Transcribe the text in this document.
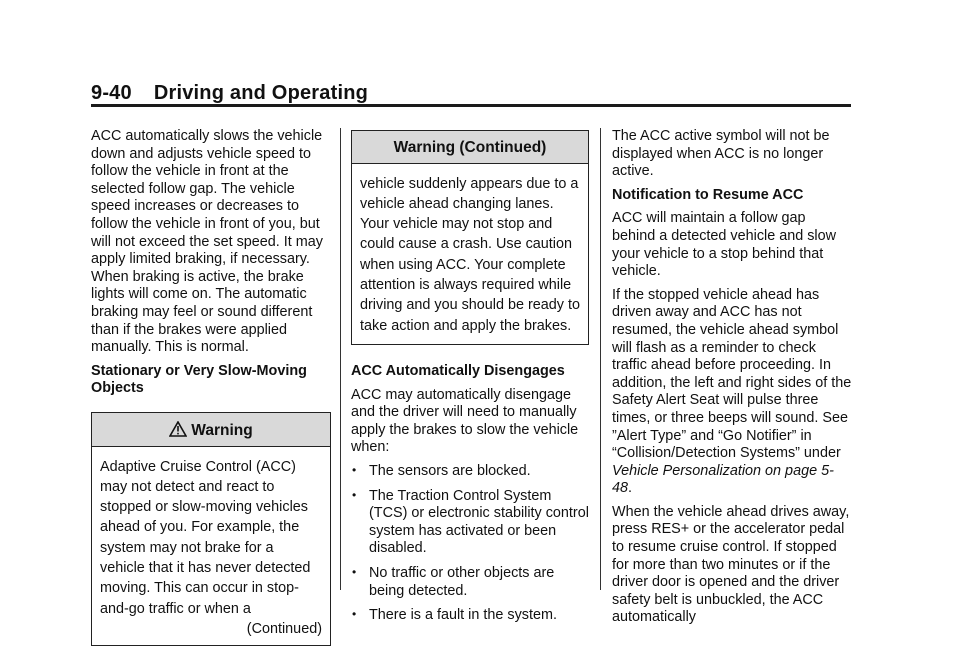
9-40 Driving and Operating

ACC automatically slows the vehicle down and adjusts vehicle speed to follow the vehicle in front at the selected follow gap. The vehicle speed increases or decreases to follow the vehicle in front of you, but will not exceed the set speed. It may apply limited braking, if necessary. When braking is active, the brake lights will come on. The automatic braking may feel or sound different than if the brakes were applied manually. This is normal.

Stationary or Very Slow-Moving Objects

Warning
Adaptive Cruise Control (ACC) may not detect and react to stopped or slow-moving vehicles ahead of you. For example, the system may not brake for a vehicle that it has never detected moving. This can occur in stop-and-go traffic or when a
(Continued)
Warning (Continued)
vehicle suddenly appears due to a vehicle ahead changing lanes. Your vehicle may not stop and could cause a crash. Use caution when using ACC. Your complete attention is always required while driving and you should be ready to take action and apply the brakes.

ACC Automatically Disengages

ACC may automatically disengage and the driver will need to manually apply the brakes to slow the vehicle when:

• The sensors are blocked.
• The Traction Control System (TCS) or electronic stability control system has activated or been disabled.
• No traffic or other objects are being detected.
• There is a fault in the system.

The ACC active symbol will not be displayed when ACC is no longer active.

Notification to Resume ACC

ACC will maintain a follow gap behind a detected vehicle and slow your vehicle to a stop behind that vehicle.

If the stopped vehicle ahead has driven away and ACC has not resumed, the vehicle ahead symbol will flash as a reminder to check traffic ahead before proceeding. In addition, the left and right sides of the Safety Alert Seat will pulse three times, or three beeps will sound. See ”Alert Type” and “Go Notifier” in “Collision/Detection Systems” under Vehicle Personalization on page 5-48.

When the vehicle ahead drives away, press RES+ or the accelerator pedal to resume cruise control. If stopped for more than two minutes or if the driver door is opened and the driver safety belt is unbuckled, the ACC automatically
